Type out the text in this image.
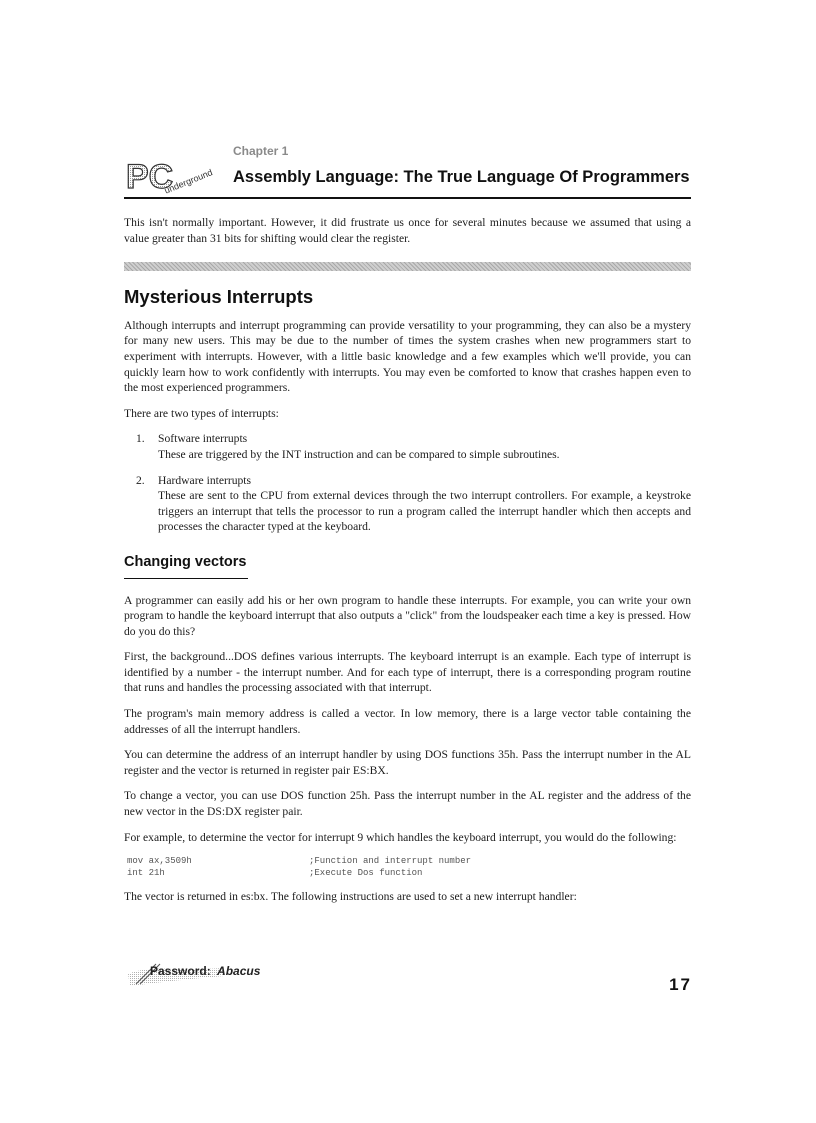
PC
underground
Chapter 1
Assembly Language: The True Language Of Programmers

This isn't normally important. However, it did frustrate us once for several minutes because we assumed that using a value greater than 31 bits for shifting would clear the register.

Mysterious Interrupts

Although interrupts and interrupt programming can provide versatility to your programming, they can also be a mystery for many new users. This may be due to the number of times the system crashes when new programmers start to experiment with interrupts. However, with a little basic knowledge and a few examples which we'll provide, you can quickly learn how to work confidently with interrupts. You may even be comforted to know that crashes happen even to the most experienced programmers.

There are two types of interrupts:

1. Software interrupts
These are triggered by the INT instruction and can be compared to simple subroutines.
2. Hardware interrupts
These are sent to the CPU from external devices through the two interrupt controllers. For example, a keystroke triggers an interrupt that tells the processor to run a program called the interrupt handler which then accepts and processes the character typed at the keyboard.
Changing vectors

A programmer can easily add his or her own program to handle these interrupts. For example, you can write your own program to handle the keyboard interrupt that also outputs a "click" from the loudspeaker each time a key is pressed. How do you do this?

First, the background...DOS defines various interrupts. The keyboard interrupt is an example. Each type of interrupt is identified by a number - the interrupt number. And for each type of interrupt, there is a corresponding program routine that runs and handles the processing associated with that interrupt.

The program's main memory address is called a vector. In low memory, there is a large vector table containing the addresses of all the interrupt handlers.

You can determine the address of an interrupt handler by using DOS functions 35h. Pass the interrupt number in the AL register and the vector is returned in register pair ES:BX.

To change a vector, you can use DOS function 25h. Pass the interrupt number in the AL register and the address of the new vector in the DS:DX register pair.

For example, to determine the vector for interrupt 9 which handles the keyboard interrupt, you would do the following:

mov ax,3509h	;Function and interrupt number
int 21h	;Execute Dos function

The vector is returned in es:bx. The following instructions are used to set a new interrupt handler:

Password: Abacus
17
